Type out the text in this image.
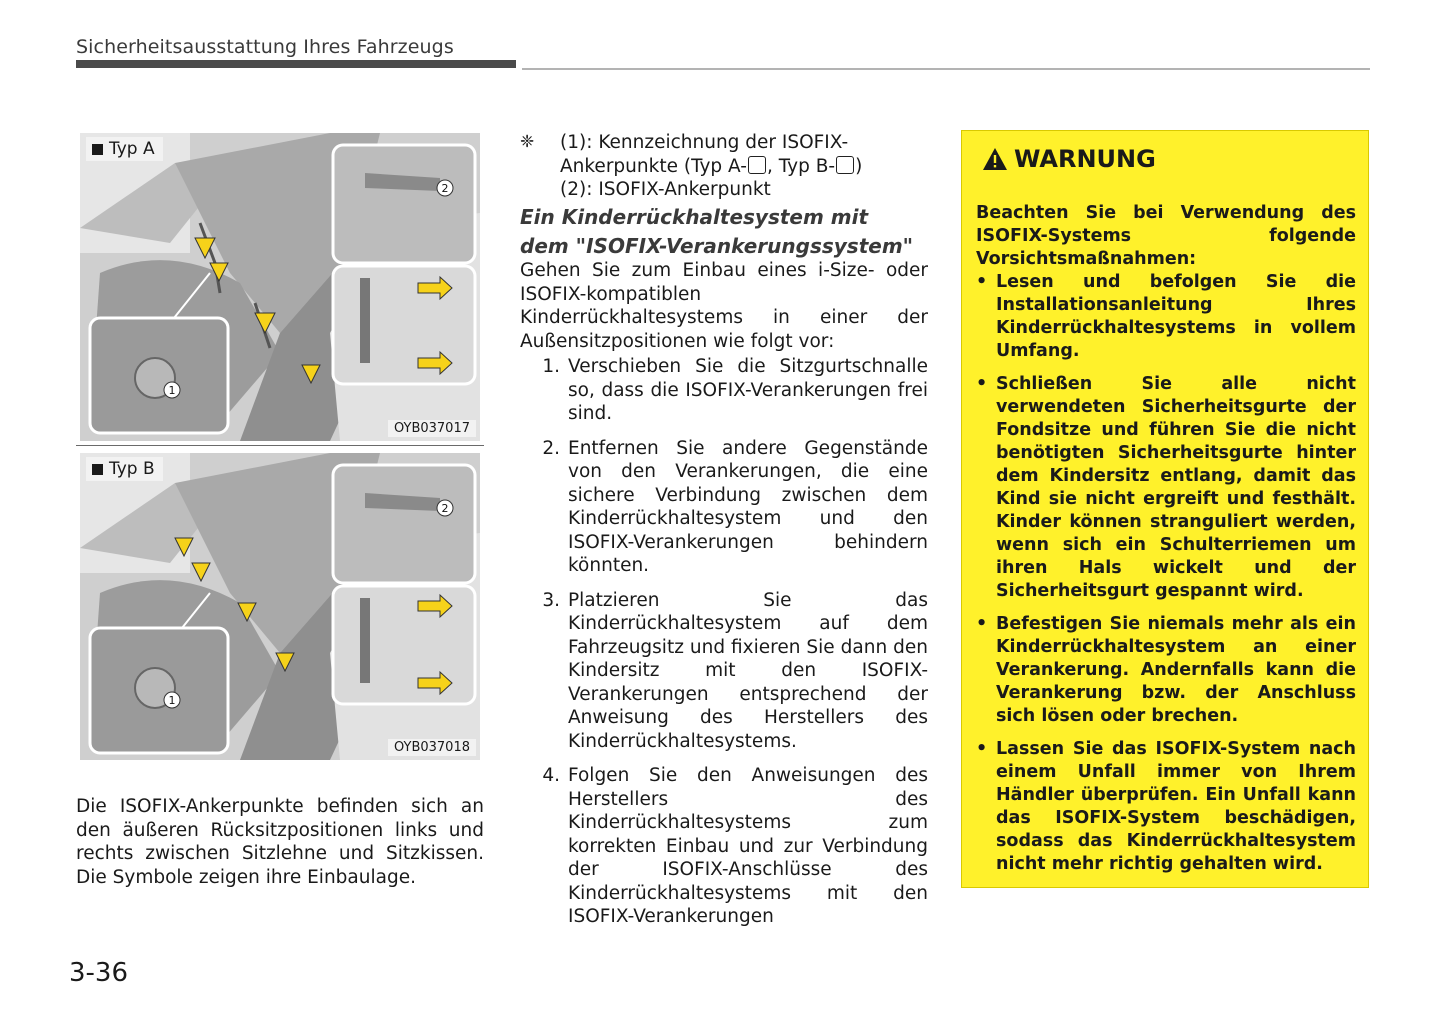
Sicherheitsausstattung Ihres Fahrzeugs
1
2
Typ A
OYB037017
1
2
Typ B
OYB037018
Die ISOFIX-Ankerpunkte befinden sich an den äußeren Rücksitzpositionen links und rechts zwischen Sitzlehne und Sitzkissen. Die Symbole zeigen ihre Einbaulage.
❈	(1): Kennzeichnung der ISOFIX-Ankerpunkte (Typ A- , Typ B- )
(2): ISOFIX-Ankerpunkt
Ein Kinderrückhaltesystem mit
dem "ISOFIX-Verankerungssystem"
Gehen Sie zum Einbau eines i-Size- oder ISOFIX-kompatiblen Kinderrückhaltesystems in einer der Außensitzpositionen wie folgt vor:
1. Verschieben Sie die Sitzgurtschnalle so, dass die ISOFIX-Verankerungen frei sind.
2. Entfernen Sie andere Gegenstände von den Verankerungen, die eine sichere Verbindung zwischen dem Kinderrückhaltesystem und den ISOFIX-Verankerungen behindern könnten.
3. Platzieren Sie das Kinderrückhaltesystem auf dem Fahrzeugsitz und fixieren Sie dann den Kindersitz mit den ISOFIX-Verankerungen entsprechend der Anweisung des Herstellers des Kinderrückhaltesystems.
4. Folgen Sie den Anweisungen des Herstellers des Kinderrückhaltesystems zum korrekten Einbau und zur Verbindung der ISOFIX-Anschlüsse des Kinderrückhaltesystems mit den ISOFIX-Verankerungen
WARNUNG
Beachten Sie bei Verwendung des ISOFIX-Systems folgende Vorsichtsmaßnahmen:
• Lesen und befolgen Sie die Installationsanleitung Ihres Kinderrückhaltesystems in vollem Umfang.
• Schließen Sie alle nicht verwendeten Sicherheitsgurte der Fondsitze und führen Sie die nicht benötigten Sicherheitsgurte hinter dem Kindersitz entlang, damit das Kind sie nicht ergreift und festhält. Kinder können stranguliert werden, wenn sich ein Schulterriemen um ihren Hals wickelt und der Sicherheitsgurt gespannt wird.
• Befestigen Sie niemals mehr als ein Kinderrückhaltesystem an einer Verankerung. Andernfalls kann die Verankerung bzw. der Anschluss sich lösen oder brechen.
• Lassen Sie das ISOFIX-System nach einem Unfall immer von Ihrem Händler überprüfen. Ein Unfall kann das ISOFIX-System beschädigen, sodass das Kinderrückhaltesystem nicht mehr richtig gehalten wird.
3-36
